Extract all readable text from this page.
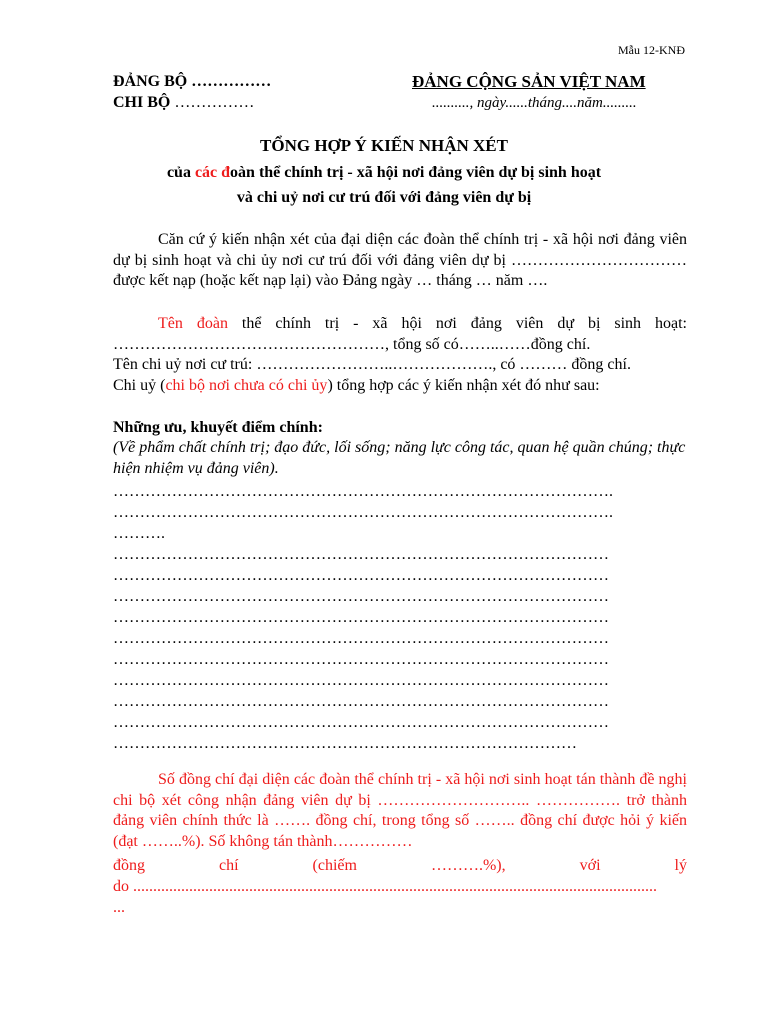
Mẫu 12-KNĐ
ĐẢNG BỘ ……………
CHI BỘ ……………
ĐẢNG CỘNG SẢN VIỆT NAM
.........., ngày......tháng....năm.........
TỔNG HỢP Ý KIẾN NHẬN XÉT
của các đoàn thể chính trị - xã hội nơi đảng viên dự bị sinh hoạt
và chi uỷ nơi cư trú đối với đảng viên dự bị
Căn cứ ý kiến nhận xét của đại diện các đoàn thể chính trị - xã hội nơi đảng viên dự bị sinh hoạt và chi ủy nơi cư trú đối với đảng viên dự bị …………………………… được kết nạp (hoặc kết nạp lại) vào Đảng ngày … tháng … năm ….
Tên đoàn thể chính trị - xã hội nơi đảng viên dự bị sinh hoạt: ……………………………………………, tổng số có……..……đồng chí.
Tên chi uỷ nơi cư trú: ……………………..………………., có ……… đồng chí.
Chi uỷ (chi bộ nơi chưa có chi ủy) tổng hợp các ý kiến nhận xét đó như sau:
Những ưu, khuyết điểm chính:
(Về phẩm chất chính trị; đạo đức, lối sống; năng lực công tác, quan hệ quần chúng; thực hiện nhiệm vụ đảng viên).
………………………………………………………………………………….
………………………………………………………………………………….
……….
…………………………………………………………………………………
…………………………………………………………………………………
…………………………………………………………………………………
…………………………………………………………………………………
…………………………………………………………………………………
…………………………………………………………………………………
…………………………………………………………………………………
…………………………………………………………………………………
…………………………………………………………………………………
……………………………………………………………………………
Số đồng chí đại diện các đoàn thể chính trị - xã hội nơi sinh hoạt tán thành đề nghị chi bộ xét công nhận đảng viên dự bị ……………………….. ……………. trở thành đảng viên chính thức là ……. đồng chí, trong tổng số …….. đồng chí được hỏi ý kiến (đạt ……..%). Số không tán thành……………
đồng	chí	(chiếm	……….%),	với	lý
do ...................................................................................................................................
...
